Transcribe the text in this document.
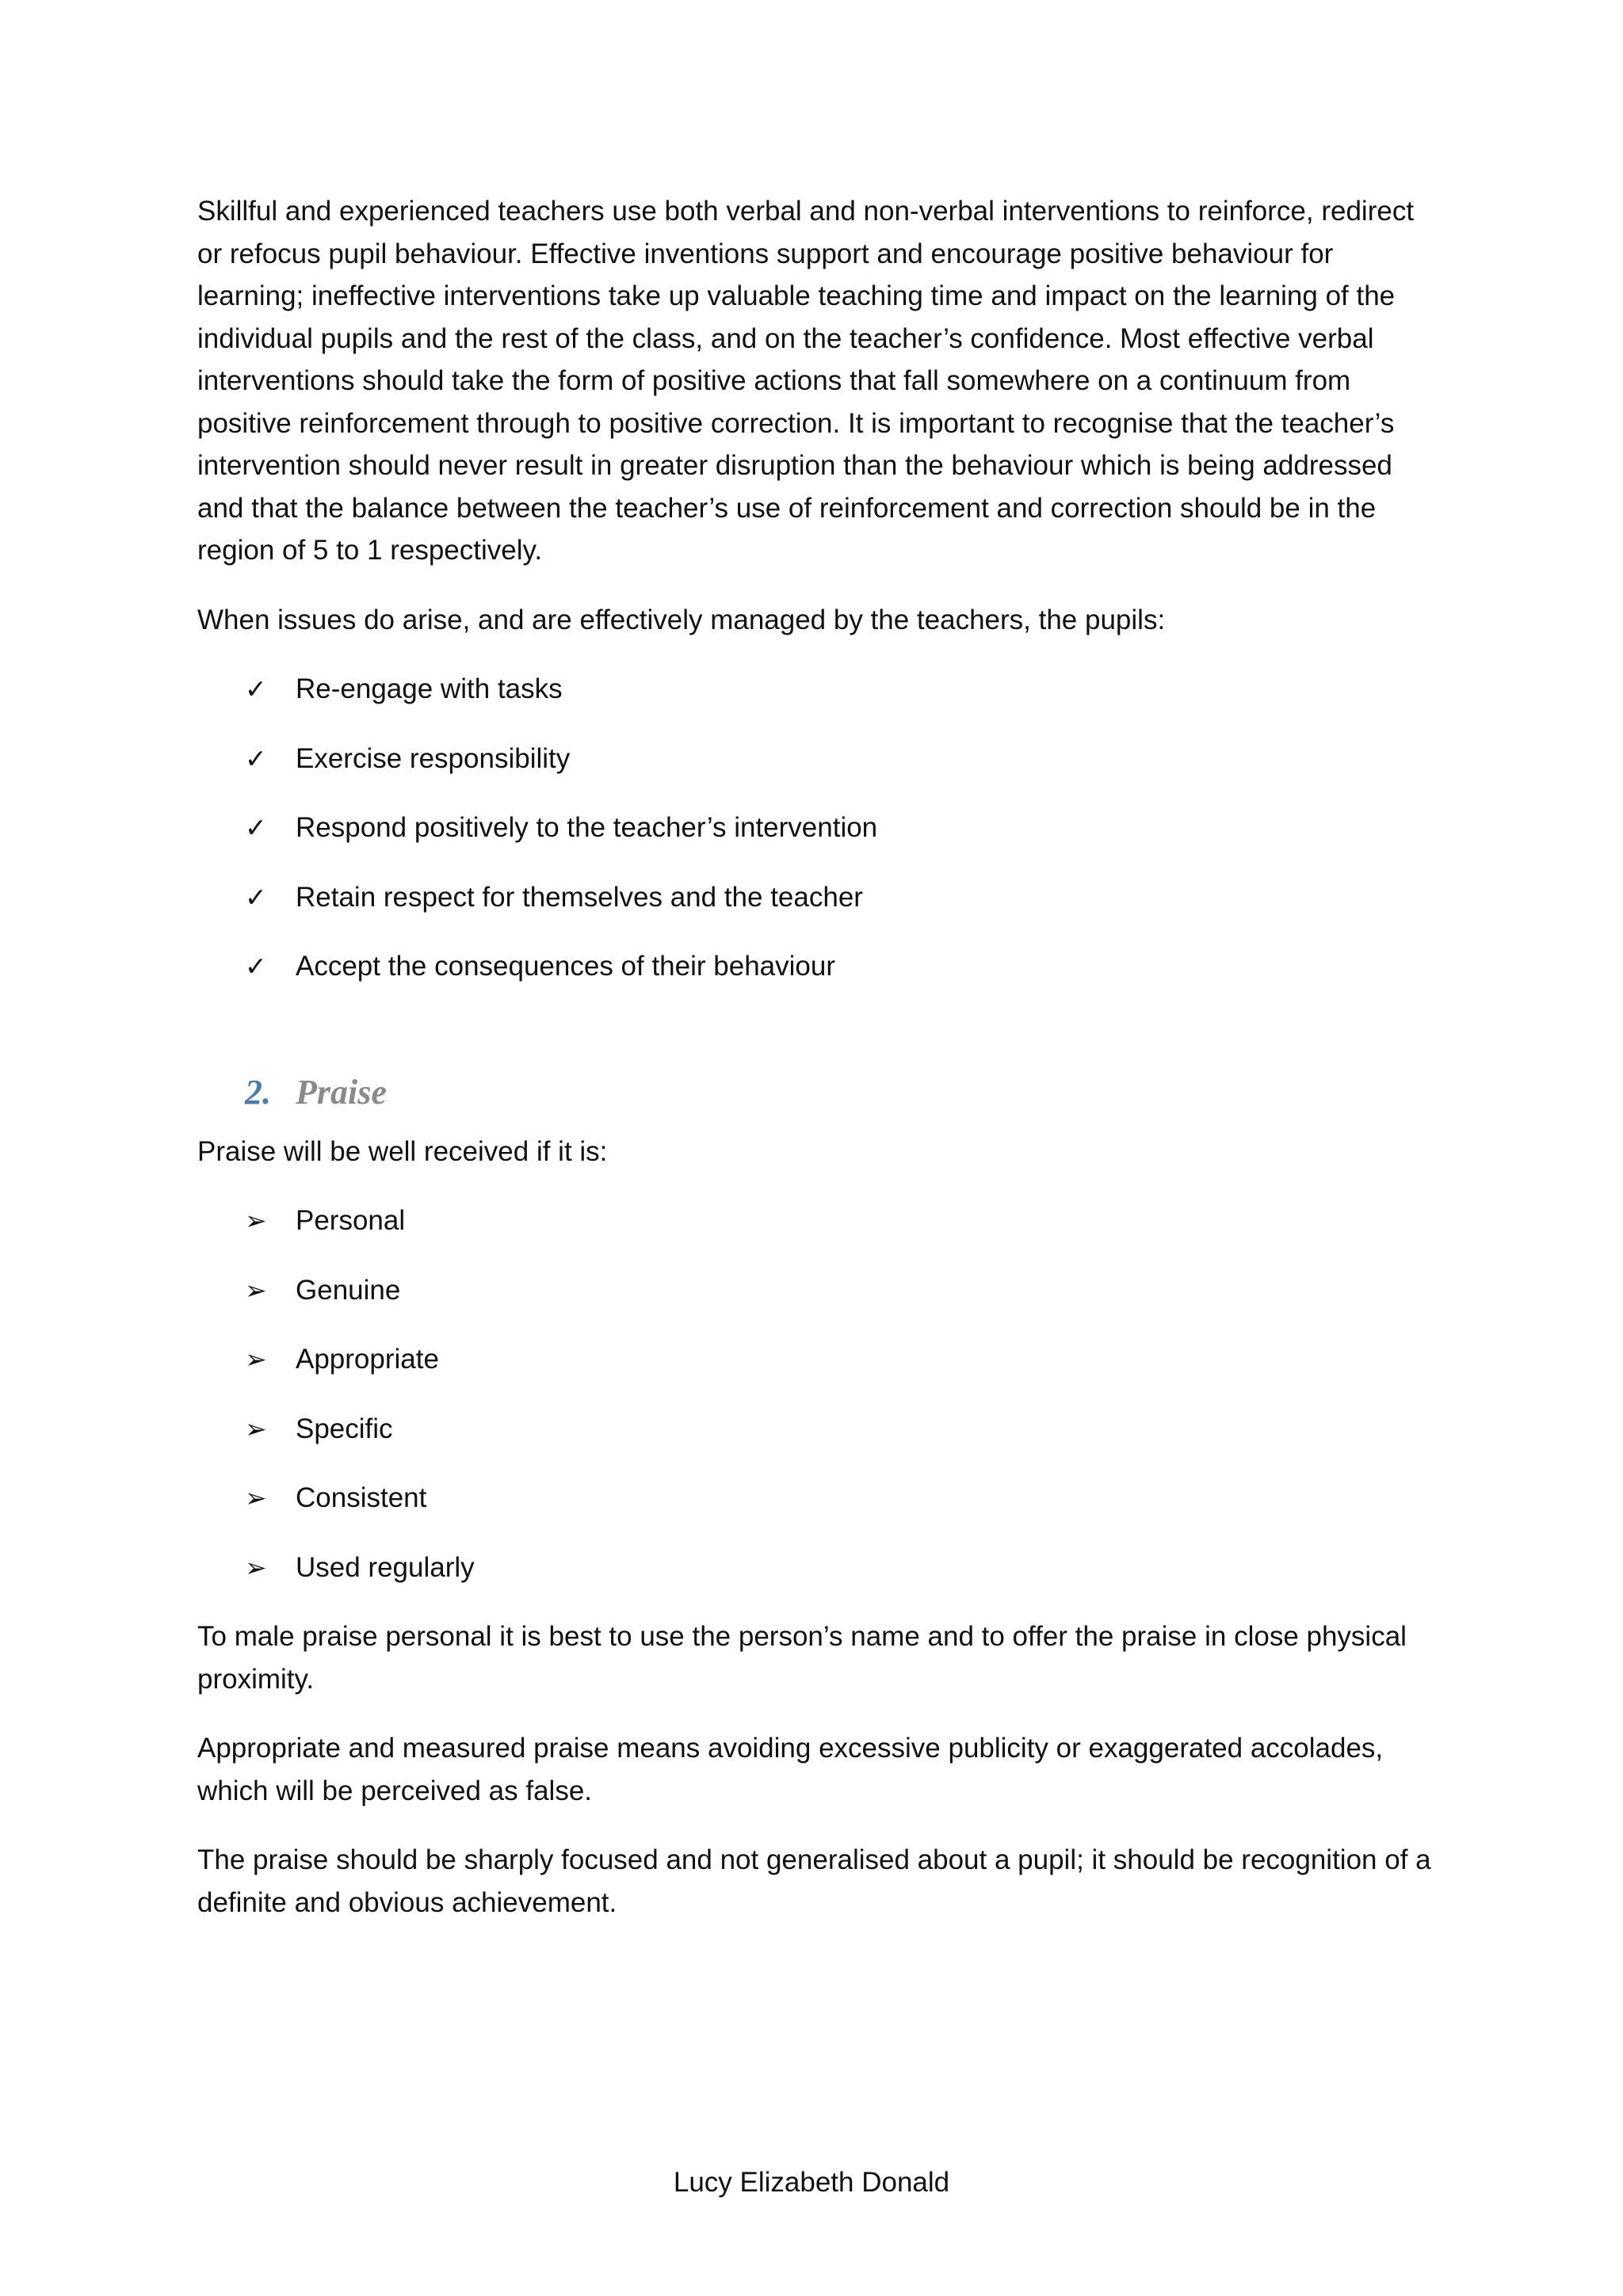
Skillful and experienced teachers use both verbal and non-verbal interventions to reinforce, redirect or refocus pupil behaviour. Effective inventions support and encourage positive behaviour for learning; ineffective interventions take up valuable teaching time and impact on the learning of the individual pupils and the rest of the class, and on the teacher’s confidence. Most effective verbal interventions should take the form of positive actions that fall somewhere on a continuum from positive reinforcement through to positive correction. It is important to recognise that the teacher’s intervention should never result in greater disruption than the behaviour which is being addressed and that the balance between the teacher’s use of reinforcement and correction should be in the region of 5 to 1 respectively.

When issues do arise, and are effectively managed by the teachers, the pupils:

✓	Re-engage with tasks
✓	Exercise responsibility
✓	Respond positively to the teacher’s intervention
✓	Retain respect for themselves and the teacher
✓	Accept the consequences of their behaviour
2. Praise

Praise will be well received if it is:

➢	Personal
➢	Genuine
➢	Appropriate
➢	Specific
➢	Consistent
➢	Used regularly

To male praise personal it is best to use the person’s name and to offer the praise in close physical proximity.

Appropriate and measured praise means avoiding excessive publicity or exaggerated accolades, which will be perceived as false.

The praise should be sharply focused and not generalised about a pupil; it should be recognition of a definite and obvious achievement.

Lucy Elizabeth Donald
